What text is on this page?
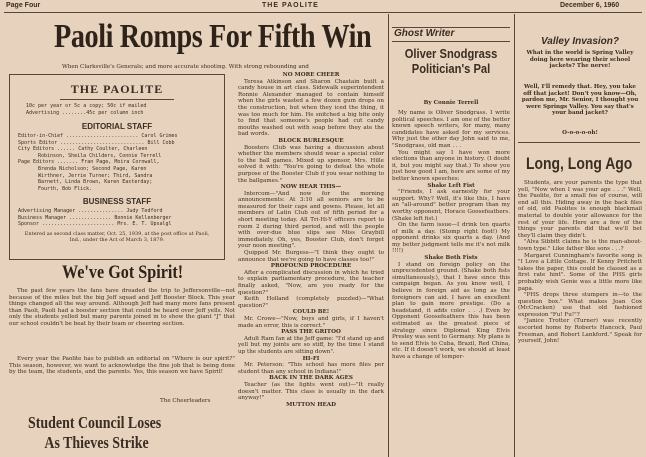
Page Four	THE PAOLITE	December 6, 1960
Paoli Romps For Fifth Win
When Clarksville's Generals; and more accurate shooting. With strong rebounding and
THE PAOLITE
10c per year or 5c a copy; 50c if mailed
Advertising ........45c per column inch
EDITORIAL STAFF
Editor-in-Chief ........................ Carol Grimes
Sports Editor ............................ Bill Cobb
City Editors ...... Cathy Coulter, Charleen
Robinson, Sheila Childers, Connie Terrell
Page Editors ....... Fran Page, Moira Cornwall,
Brenda Nicholson; Second Page, Karen
Wirthner, Jerrie Turner; Third, Sandra
Barnett, Linda Brown, Karen Easterday;
Fourth, Bob Flick.
BUSINESS STAFF
Advertising Manager ............... Judy Tedford
Business Manager .............. Bonnie Kellenberger
Sponsor ........................ Mrs. E. T. Upsalgl
Entered as second class matter, Oct. 25, 1939, at the post office at Paoli, Ind., under the Act of March 3, 1879.
We've Got Spirit!
The past few years the fans have dreaded the trip to Jeffersonville—not because of the miles but the big Jeff squad and Jeff Booster Block. This year things changed all the way around. Although Jeff had many more fans present than Paoli, Paoli had a booster section that could be heard over Jeff yells. Not only the students yelled but many parents joined in to show the giant "J" that our school couldn't be beat by their team or cheering section.
Every year the Paolite has to publish an editorial on "Where is our spirit?" This season, however, we want to acknowledge the fine job that is being done by the team, the students, and the parents. Yes, this season we have Spirit!
The Cheerleaders
Student Council Loses
As Thieves Strike
NO MORE CHEER
Teresa Atkinson and Sharon Chastain built a candy house in art class. Sidewalk superintendent Ronnie Alexander managed to contain himself when the girls wasted a few dozen gum drops on the construction, but when they iced the thing, it was too much for him. He snitched a big bite only to find that someone's people had cut candy mouths washed out with soap before they ate the bad words.
BLOCK BURLESQUE
Boosters Club was having a discussion about whether the members should wear a special color to the ball games. Mixed up sponsor, Mrs. Hille solved it with: "You're going to defeat the whole purpose of the Booster Club if you wear nothing to the ballgames."
NOW HEAR THIS—
Intercom—"And now for the morning announcements: At 3:10 all seniors are to be measured for their caps and gowns. Please, let all members of Latin Club out of fifth period for a short meeting today. All Tri-Hi-Y officers report to room 2 during third period, and will the people with over-due blue slips see Miss Graybill immediately. Oh, yes, Booster Club, don't forget your noon meeting".
Quipped Mr. Burgess—"I think they ought to announce that we're going to have classes too!"
PROFOUND PROCEDURE
After a complicated discussion in which he tried to explain parliamentary procedure, the teacher finally asked, "Now, are you ready for the question?"
Keith Holland (completely puzzled)—"What question?"
COULD BE!
Mr. Crowe—"Now, boys and girls, if I haven't made an error, this is correct."
PASS THE GRITOO
Adult Ram fan at the Jeff game: "I'd stand up and yell but my joints are so stiff, by the time I stand up the students are sitting down".
HI-FI
Mr. Peterson: "This school has more files per student than any school in Indiana!"
BACK IN THE DARK AGES
Teacher (as the lights went out)—"It really doesn't matter. This class is usually in the dark anyway!"
MUTTON HEAD
Ghost Writer
Oliver Snodgrass
Politician's Pal
By Connie Terrell
My name is Oliver Snodgrass. I write political speeches. I am one of the better known speech writers, for many, many candidates have asked for my services. Why just the other day John said to me, "Snodgrass, old man . . .
You might say I have won more elections than anyone in history. (I doubt it, but you might say that.) To show you just how good I am, here are some of my better known speeches:
Shake Left Fist
"Friends, I ask earnestly for your support. Why? Well, it's like this, I have an "all-around" better program than my worthy opponent, Horace Goosefeathers. (Shake left fist.)
On the farm issue—I drink ten quarts of milk a day. (Stomp right foot!) My opponent drinks six quarts a day. (And my better judgment tells me it's not milk !!!!)
Shake Both Fists
I stand on foreign policy on the unprecedented ground. (Shake both fists simultaneously.), that I have since this campaign began. As you know well, I believe in foreign aid as long as the foreigners can aid. I have an excellent plan to gain more prestige. (Do a headstand, it adds color . . .) Even by Opponent Goosefeathers this has been estimated as the greatest piece of strategy since Diplomat King Elvis Presley was sent to Germany. My plans is to send Elvis to Cuba, Brazil, Red China, etc. If it doesn't work, we should at least have a change of temper-
Valley Invasion?
What in the world is Spring Valley doing here wearing their school jackets? The nerve!
Well, I'll remedy that. Hey, you take off that jacket! Don't you know—Oh, pardon me, Mr. Senior, I thought you were Springs Valley. You say that's your band jacket?
O-o-o-o-oh!
Long, Long Ago
Students, are your parents the type that yell, "Now when I was your age . . ." Well, the Paolite, for a small fee of course, will end all this. Hiding away in the back files of old, old Paolites is enough blackmail material to double your allowance for the rest of your life. Here are a few of the things your parents did that we'll bet they'll claim they didn't.
"Alva Sibbitt claims he is the man-about-town type." Like father like sons . . .?
Margaret Cunningham's favorite song is "I Love a Little Cottage. If Kenny Pritchett takes the paper, this could be classed as a first rate hint". Some of the PHS girls probably wish Genie was a little more like papa.
"PHS drops three stumpers in—to the question box." What makes Joan Cox (McCracken) use that old fashioned expression "Fu! Fu!"?
"Janice Trotter (Turner) was recently escorted home by Roberts Hancock, Paul Freeman, and Robert Lankford." Speak for yourself, John!
